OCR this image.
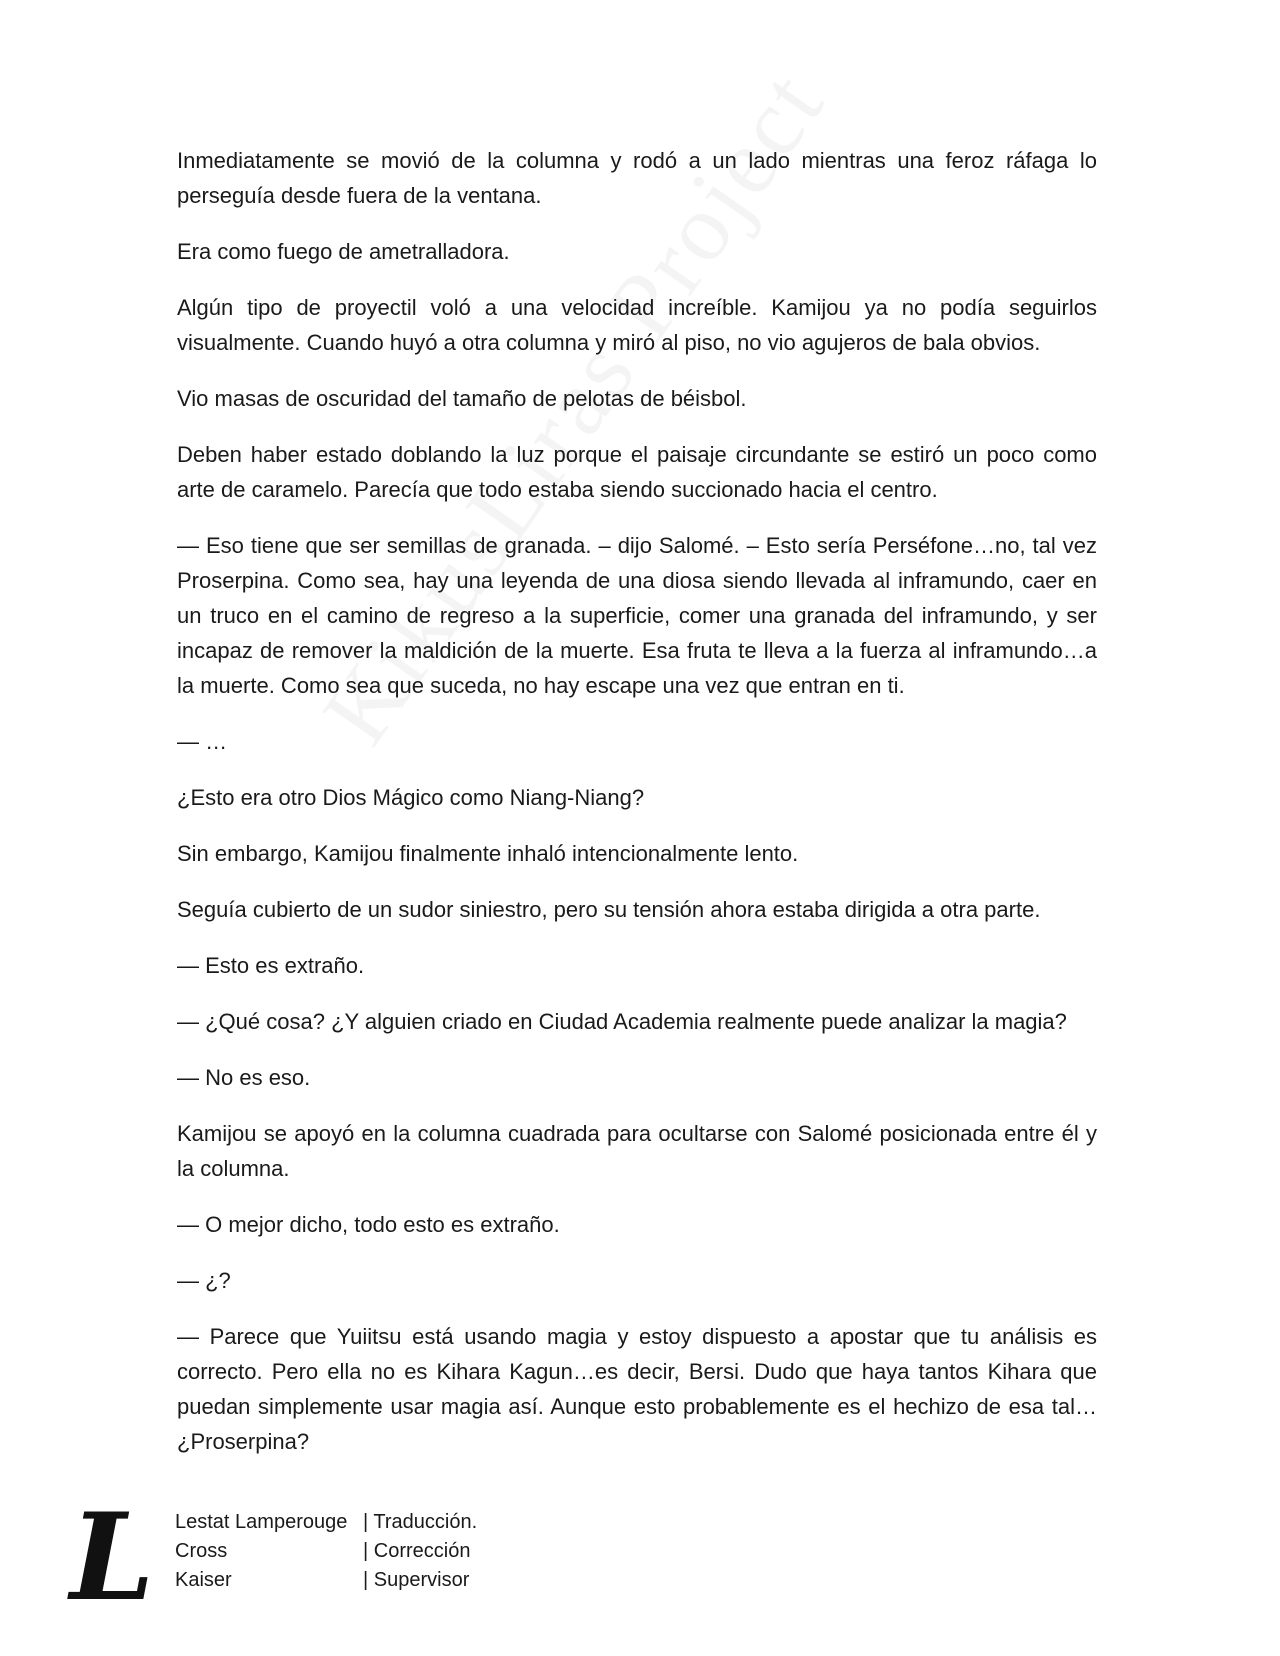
Inmediatamente se movió de la columna y rodó a un lado mientras una feroz ráfaga lo perseguía desde fuera de la ventana.

Era como fuego de ametralladora.

Algún tipo de proyectil voló a una velocidad increíble. Kamijou ya no podía seguirlos visualmente. Cuando huyó a otra columna y miró al piso, no vio agujeros de bala obvios.

Vio masas de oscuridad del tamaño de pelotas de béisbol.

Deben haber estado doblando la luz porque el paisaje circundante se estiró un poco como arte de caramelo. Parecía que todo estaba siendo succionado hacia el centro.

— Eso tiene que ser semillas de granada. – dijo Salomé. – Esto sería Perséfone…no, tal vez Proserpina. Como sea, hay una leyenda de una diosa siendo llevada al inframundo, caer en un truco en el camino de regreso a la superficie, comer una granada del inframundo, y ser incapaz de remover la maldición de la muerte. Esa fruta te lleva a la fuerza al inframundo…a la muerte. Como sea que suceda, no hay escape una vez que entran en ti.

— …

¿Esto era otro Dios Mágico como Niang-Niang?

Sin embargo, Kamijou finalmente inhaló intencionalmente lento.

Seguía cubierto de un sudor siniestro, pero su tensión ahora estaba dirigida a otra parte.

— Esto es extraño.

— ¿Qué cosa? ¿Y alguien criado en Ciudad Academia realmente puede analizar la magia?

— No es eso.

Kamijou se apoyó en la columna cuadrada para ocultarse con Salomé posicionada entre él y la columna.

— O mejor dicho, todo esto es extraño.

— ¿?

— Parece que Yuiitsu está usando magia y estoy dispuesto a apostar que tu análisis es correcto. Pero ella no es Kihara Kagun…es decir, Bersi. Dudo que haya tantos Kihara que puedan simplemente usar magia así. Aunque esto probablemente es el hechizo de esa tal… ¿Proserpina?

L	Lestat Lamperouge | Traducción.
Cross	| Corrección
Kaiser	| Supervisor
